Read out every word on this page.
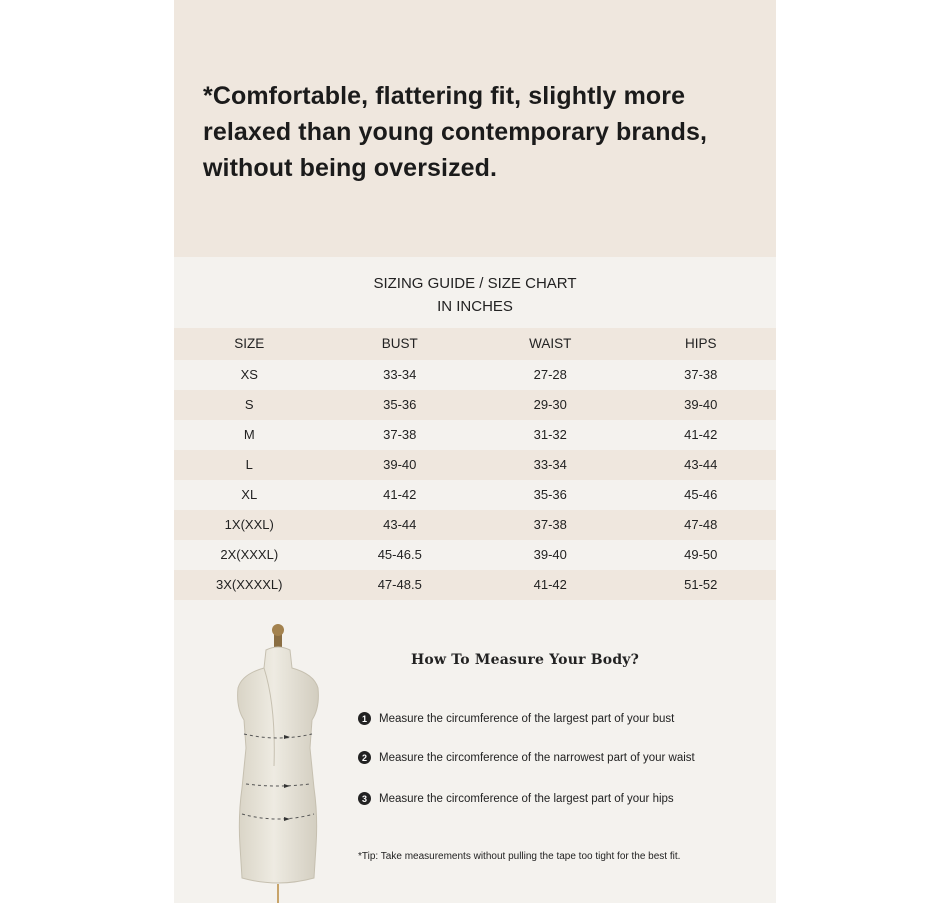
*Comfortable, flattering fit, slightly more relaxed than young contemporary brands, without being oversized.

SIZING GUIDE / SIZE CHART
IN INCHES
SIZE	BUST	WAIST	HIPS
XS	33-34	27-28	37-38
S	35-36	29-30	39-40
M	37-38	31-32	41-42
L	39-40	33-34	43-44
XL	41-42	35-36	45-46
1X(XXL)	43-44	37-38	47-48
2X(XXXL)	45-46.5	39-40	49-50
3X(XXXXL)	47-48.5	41-42	51-52
How To Measure Your Body?
1	Measure the circumference of the largest part of your bust
2	Measure the circomference of the narrowest part of your waist
3	Measure the circomference of the largest part of your hips
*Tip: Take measurements without pulling the tape too tight for the best fit.
